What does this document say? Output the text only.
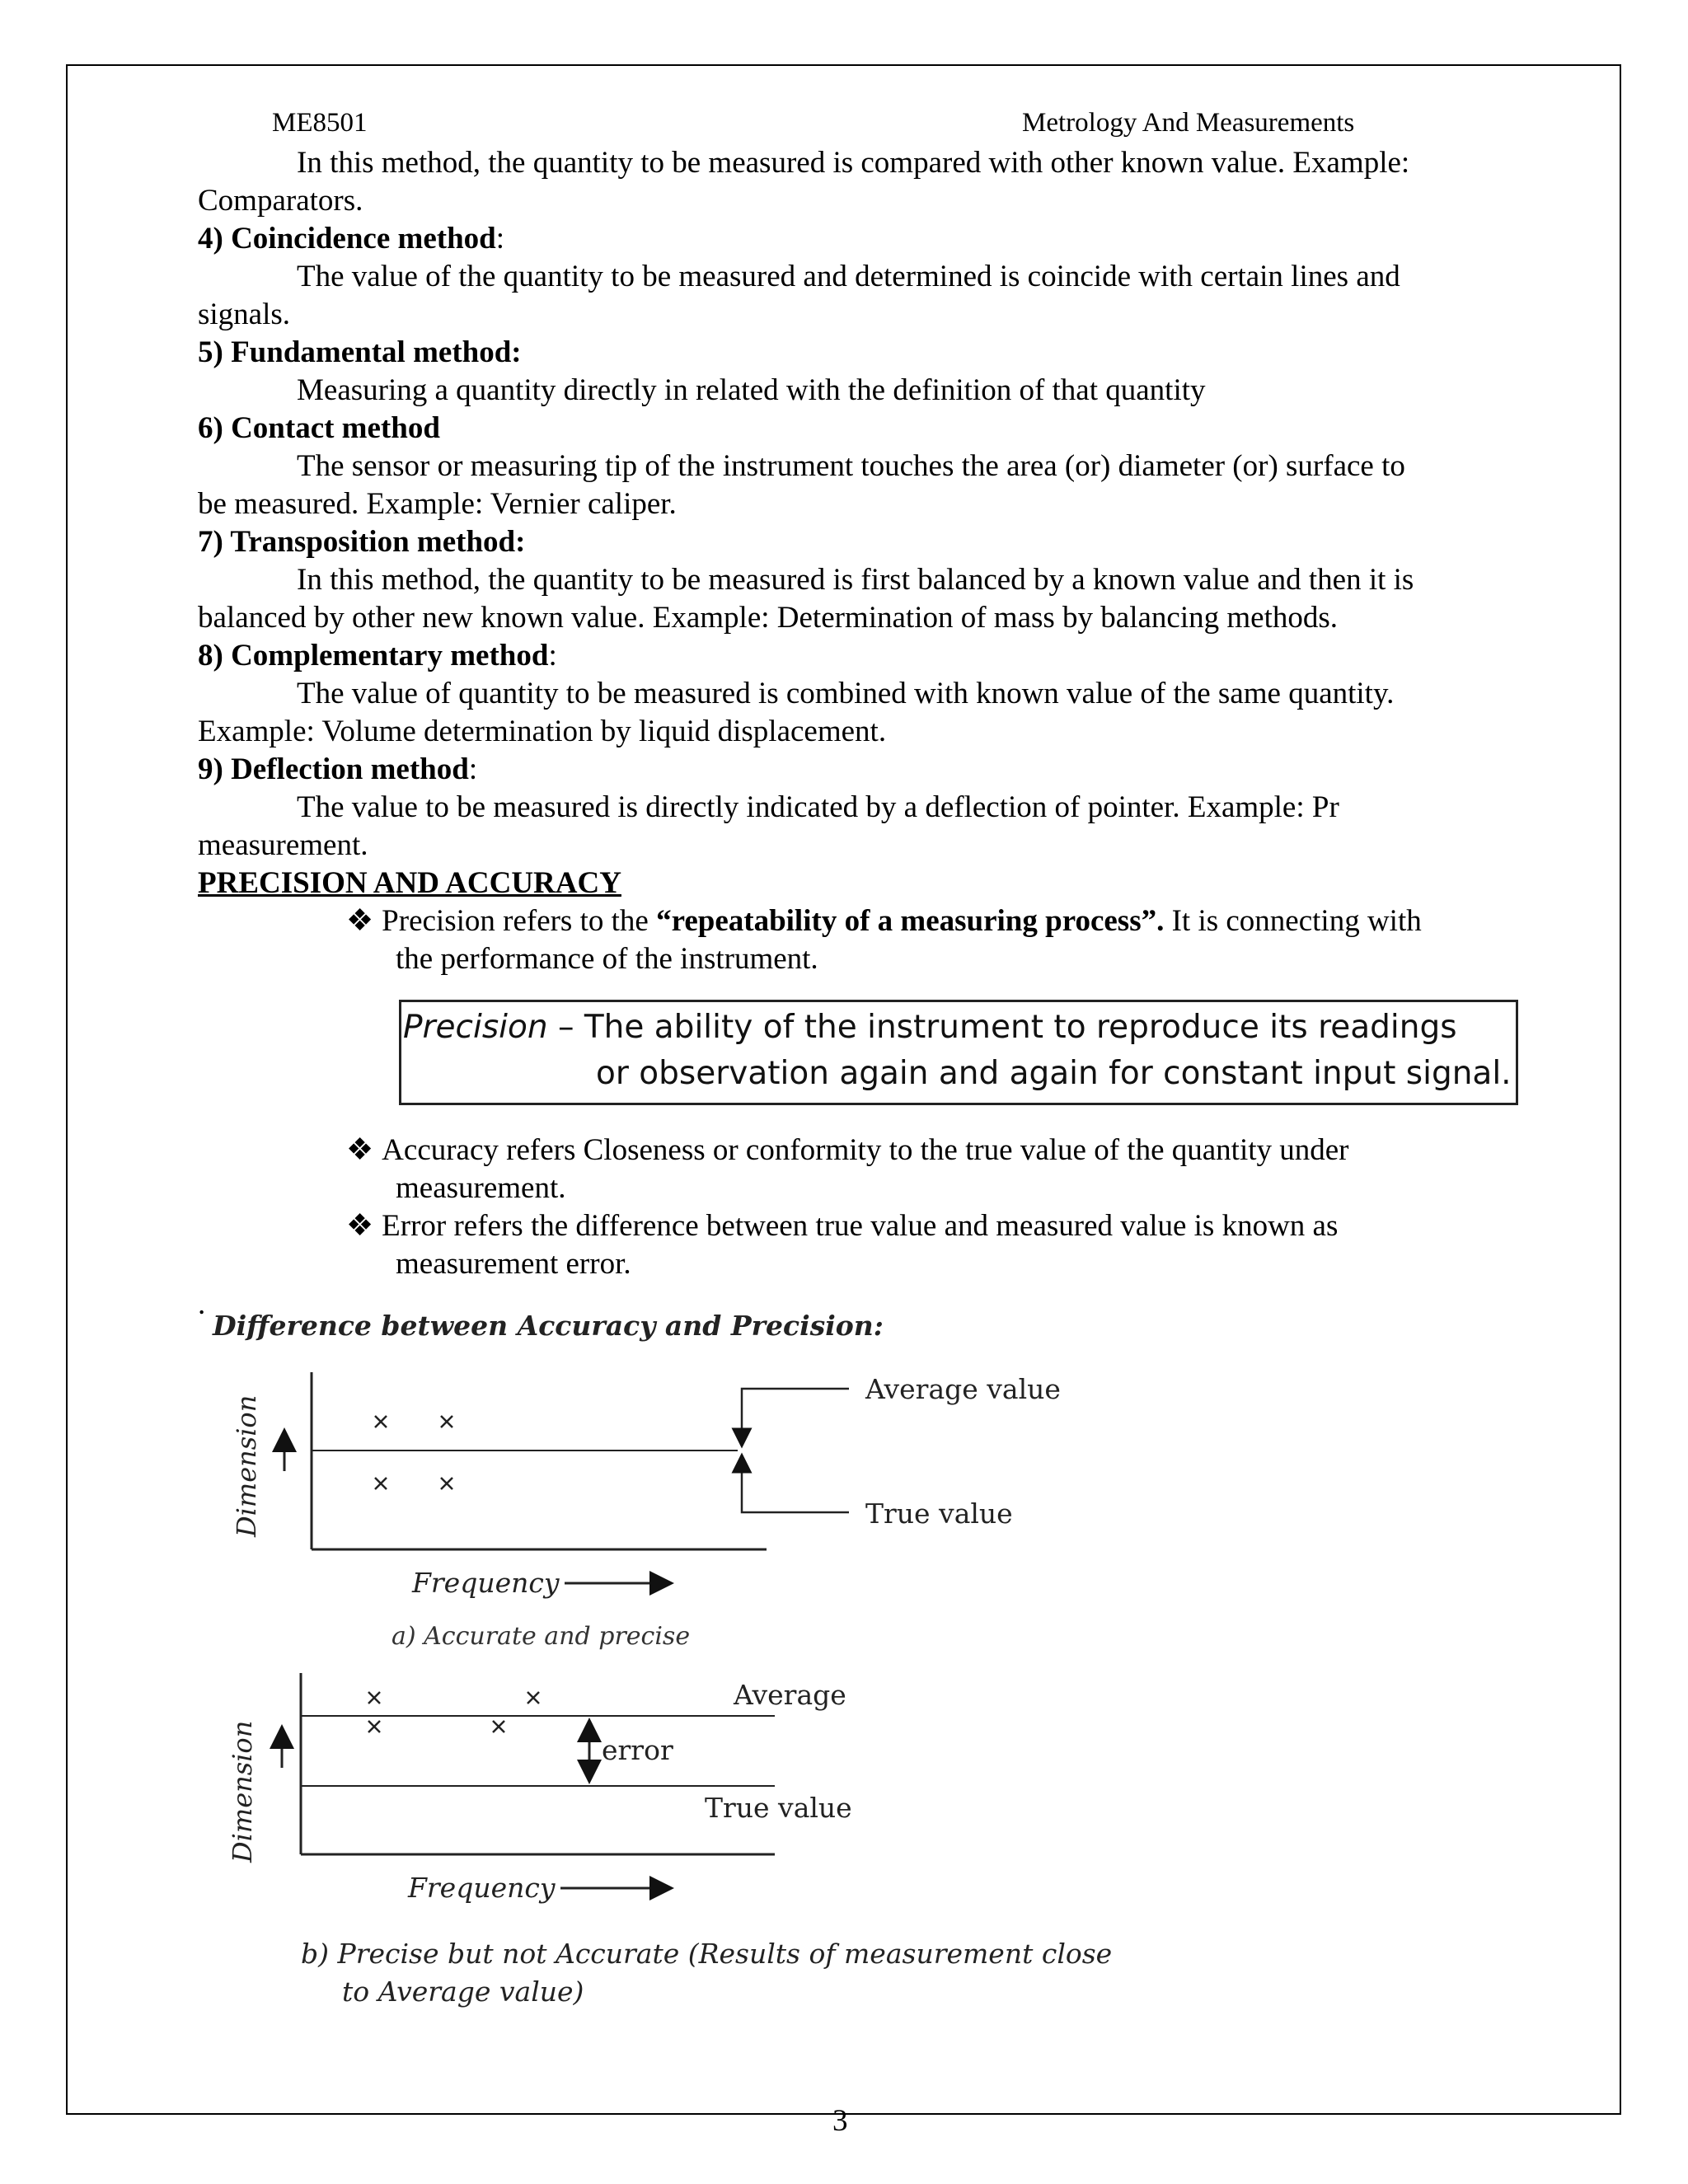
ME8501	Metrology And Measurements
In this method, the quantity to be measured is compared with other known value. Example:
Comparators.
4) Coincidence method:
The value of the quantity to be measured and determined is coincide with certain lines and
signals.
5) Fundamental method:
Measuring a quantity directly in related with the definition of that quantity
6) Contact method
The sensor or measuring tip of the instrument touches the area (or) diameter (or) surface to
be measured. Example: Vernier caliper.
7) Transposition method:
In this method, the quantity to be measured is first balanced by a known value and then it is
balanced by other new known value. Example: Determination of mass by balancing methods.
8) Complementary method:
The value of quantity to be measured is combined with known value of the same quantity.
Example: Volume determination by liquid displacement.
9) Deflection method:
The value to be measured is directly indicated by a deflection of pointer. Example: Pr
measurement.
PRECISION AND ACCURACY
❖ Precision refers to the “repeatability of a measuring process”. It is connecting with
the performance of the instrument.
Precision – The ability of the instrument to reproduce its readings
or observation again and again for constant input signal.
❖ Accuracy refers Closeness or conformity to the true value of the quantity under
measurement.
❖ Error refers the difference between true value and measured value is known as
measurement error.
.
Difference between Accuracy and Precision:
Average value
True value
Dimension
Frequency
a) Accurate and precise
error
Average
True value
Dimension
Frequency
b) Precise but not Accurate (Results of measurement close
to Average value)
3
